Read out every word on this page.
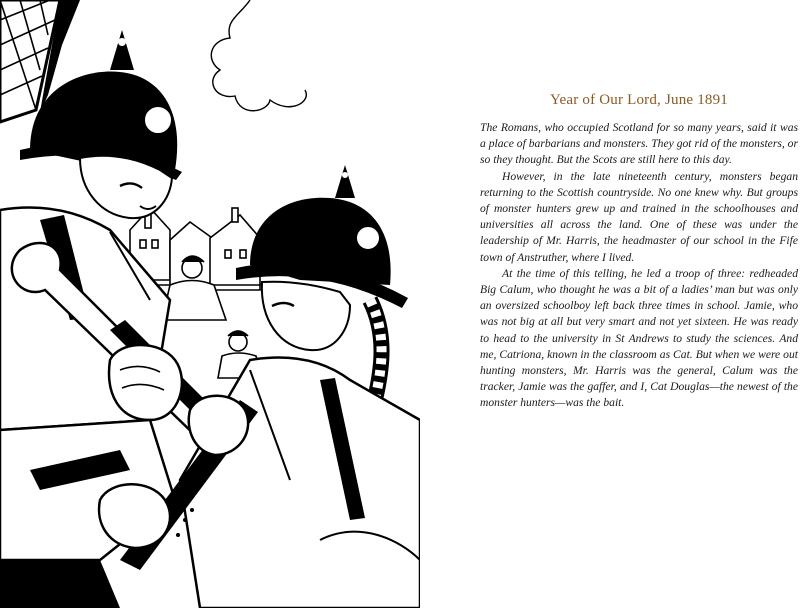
Year of Our Lord, June 1891

The Romans, who occupied Scotland for so many years, said it was a place of barbarians and monsters. They got rid of the monsters, or so they thought. But the Scots are still here to this day.

However, in the late nineteenth century, monsters began returning to the Scottish countryside. No one knew why. But groups of monster hunters grew up and trained in the schoolhouses and universities all across the land. One of these was under the leadership of Mr. Harris, the headmaster of our school in the Fife town of Anstruther, where I lived.

At the time of this telling, he led a troop of three: redheaded Big Calum, who thought he was a bit of a ladies’ man but was only an oversized schoolboy left back three times in school. Jamie, who was not big at all but very smart and not yet sixteen. He was ready to head to the university in St Andrews to study the sciences. And me, Catriona, known in the classroom as Cat. But when we were out hunting monsters, Mr. Harris was the general, Calum was the tracker, Jamie was the gaffer, and I, Cat Douglas—the newest of the monster hunters—was the bait.
